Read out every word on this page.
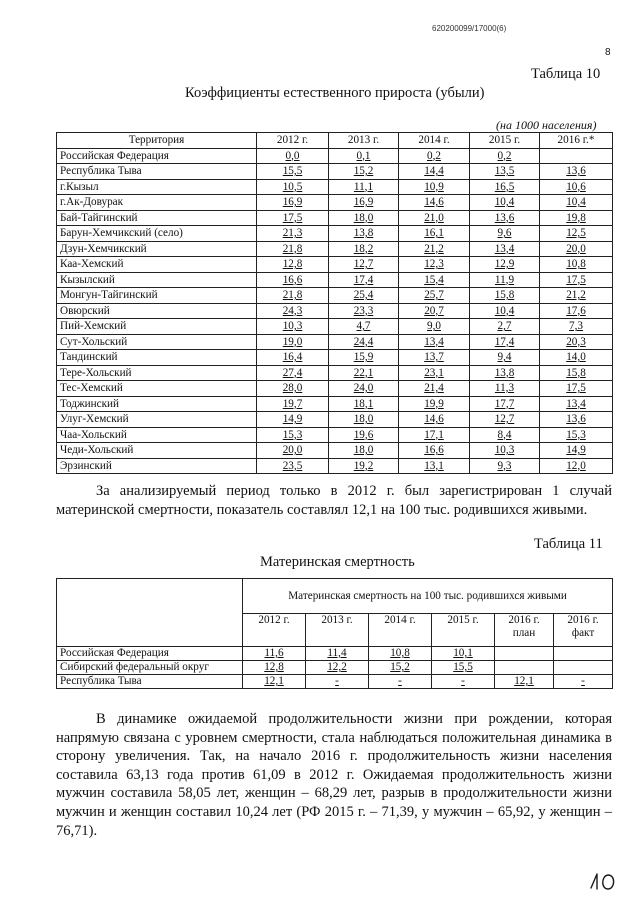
620200099/17000(6)
8
Таблица 10
Коэффициенты естественного прироста (убыли)
(на 1000 населения)
Территория	2012 г.	2013 г.	2014 г.	2015 г.	2016 г.*
Российская Федерация	0,0	0,1	0,2	0,2	
Республика Тыва	15,5	15,2	14,4	13,5	13,6
г.Кызыл	10,5	11,1	10,9	16,5	10,6
г.Ак-Довурак	16,9	16,9	14,6	10,4	10,4
Бай-Тайгинский	17,5	18,0	21,0	13,6	19,8
Барун-Хемчикский (село)	21,3	13,8	16,1	9,6	12,5
Дзун-Хемчикский	21,8	18,2	21,2	13,4	20,0
Каа-Хемский	12,8	12,7	12,3	12,9	10,8
Кызылский	16,6	17,4	15,4	11,9	17,5
Монгун-Тайгинский	21,8	25,4	25,7	15,8	21,2
Овюрский	24,3	23,3	20,7	10,4	17,6
Пий-Хемский	10,3	4,7	9,0	2,7	7,3
Сут-Хольский	19,0	24,4	13,4	17,4	20,3
Тандинский	16,4	15,9	13,7	9,4	14,0
Тере-Хольский	27,4	22,1	23,1	13,8	15,8
Тес-Хемский	28,0	24,0	21,4	11,3	17,5
Тоджинский	19,7	18,1	19,9	17,7	13,4
Улуг-Хемский	14,9	18,0	14,6	12,7	13,6
Чаа-Хольский	15,3	19,6	17,1	8,4	15,3
Чеди-Хольский	20,0	18,0	16,6	10,3	14,9
Эрзинский	23,5	19,2	13,1	9,3	12,0

За анализируемый период только в 2012 г. был зарегистрирован 1 случай материнской смертности, показатель составлял 12,1 на 100 тыс. родившихся живыми.

Таблица 11
Материнская смертность
	Материнская смертность на 100 тыс. родившихся живыми					
	2012 г.	2013 г.	2014 г.	2015 г.	2016 г. план	2016 г. факт
Российская Федерация	11,6	11,4	10,8	10,1		
Сибирский федеральный округ	12,8	12,2	15,2	15,5		
Республика Тыва	12,1	-	-	-	12,1	-

В динамике ожидаемой продолжительности жизни при рождении, которая напрямую связана с уровнем смертности, стала наблюдаться положительная динамика в сторону увеличения. Так, на начало 2016 г. продолжительность жизни населения составила 63,13 года против 61,09 в 2012 г. Ожидаемая продолжительность жизни мужчин составила 58,05 лет, женщин – 68,29 лет, разрыв в продолжительности жизни мужчин и женщин составил 10,24 лет (РФ 2015 г. – 71,39, у мужчин – 65,92, у женщин – 76,71).
